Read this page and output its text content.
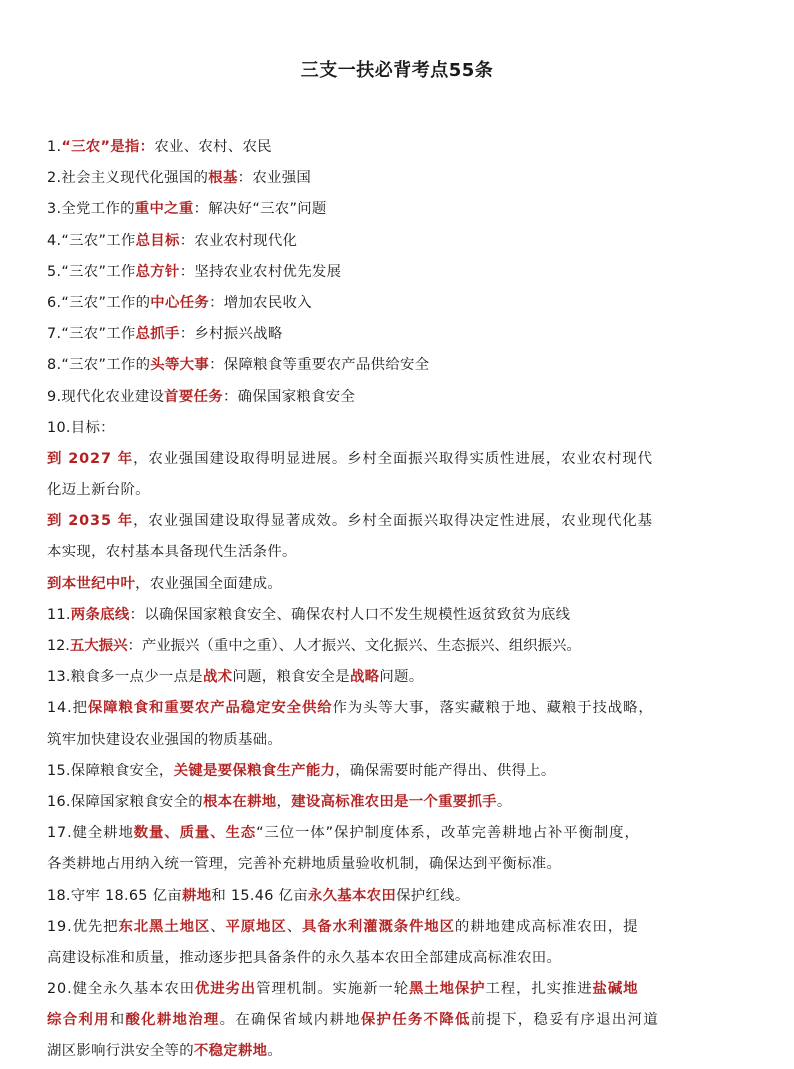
三支一扶必背考点55条
1.“三农”是指：农业、农村、农民
2.社会主义现代化强国的根基：农业强国
3.全党工作的重中之重：解决好“三农”问题
4.“三农”工作总目标：农业农村现代化
5.“三农”工作总方针：坚持农业农村优先发展
6.“三农”工作的中心任务：增加农民收入
7.“三农”工作总抓手：乡村振兴战略
8.“三农”工作的头等大事：保障粮食等重要农产品供给安全
9.现代化农业建设首要任务：确保国家粮食安全
10.目标：
到 2027 年，农业强国建设取得明显进展。乡村全面振兴取得实质性进展，农业农村现代
化迈上新台阶。
到 2035 年，农业强国建设取得显著成效。乡村全面振兴取得决定性进展，农业现代化基
本实现，农村基本具备现代生活条件。
到本世纪中叶，农业强国全面建成。
11.两条底线：以确保国家粮食安全、确保农村人口不发生规模性返贫致贫为底线
12.五大振兴：产业振兴（重中之重）、人才振兴、文化振兴、生态振兴、组织振兴。
13.粮食多一点少一点是战术问题，粮食安全是战略问题。
14.把保障粮食和重要农产品稳定安全供给作为头等大事，落实藏粮于地、藏粮于技战略，
筑牢加快建设农业强国的物质基础。
15.保障粮食安全，关键是要保粮食生产能力，确保需要时能产得出、供得上。
16.保障国家粮食安全的根本在耕地，建设高标准农田是一个重要抓手。
17.健全耕地数量、质量、生态“三位一体”保护制度体系，改革完善耕地占补平衡制度，
各类耕地占用纳入统一管理，完善补充耕地质量验收机制，确保达到平衡标准。
18.守牢 18.65 亿亩耕地和 15.46 亿亩永久基本农田保护红线。
19.优先把东北黑土地区、平原地区、具备水利灌溉条件地区的耕地建成高标准农田，提
高建设标准和质量，推动逐步把具备条件的永久基本农田全部建成高标准农田。
20.健全永久基本农田优进劣出管理机制。实施新一轮黑土地保护工程，扎实推进盐碱地
综合利用和酸化耕地治理。在确保省域内耕地保护任务不降低前提下，稳妥有序退出河道
湖区影响行洪安全等的不稳定耕地。
